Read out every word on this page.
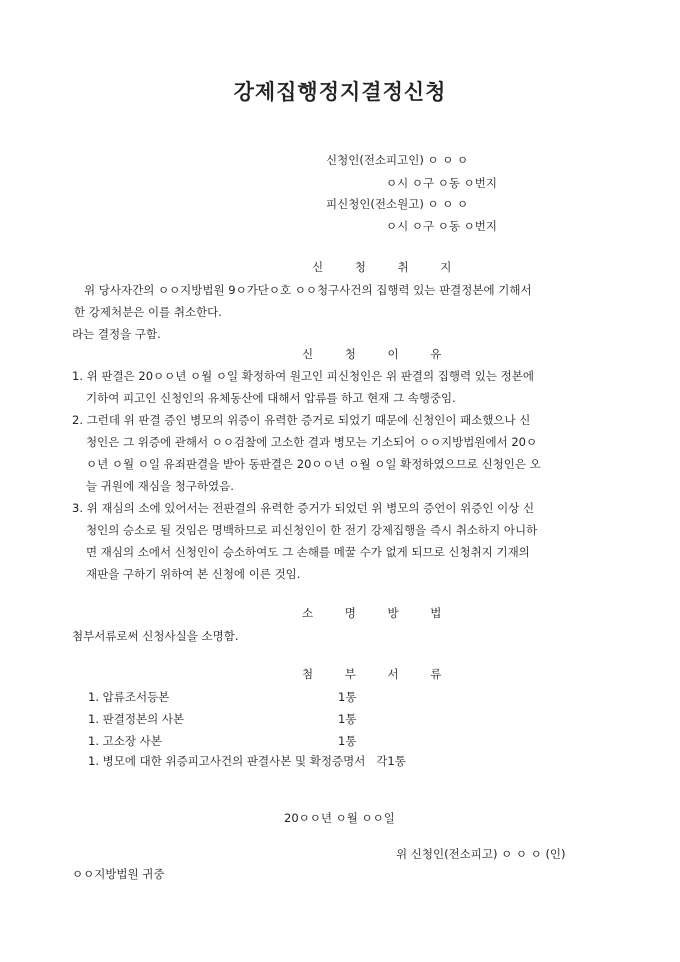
강제집행정지결정신청
신청인(전소피고인) ㅇ ㅇ ㅇ
ㅇ시 ㅇ구 ㅇ동 ㅇ번지
피신청인(전소원고) ㅇ ㅇ ㅇ
ㅇ시 ㅇ구 ㅇ동 ㅇ번지
신 청 취 지
위 당사자간의 ㅇㅇ지방법원 9ㅇ가단ㅇ호 ㅇㅇ청구사건의 집행력 있는 판결정본에 기해서
한 강제처분은 이를 취소한다.
라는 결정을 구함.
신 청 이 유
1. 위 판결은 20ㅇㅇ년 ㅇ월 ㅇ일 확정하여 원고인 피신청인은 위 판결의 집행력 있는 정본에
기하여 피고인 신청인의 유체동산에 대해서 압류를 하고 현재 그 속행중임.
2. 그런데 위 판결 증인 병모의 위증이 유력한 증거로 되었기 때문에 신청인이 패소했으나 신
청인은 그 위증에 관해서 ㅇㅇ검찰에 고소한 결과 병모는 기소되어 ㅇㅇ지방법원에서 20ㅇ
ㅇ년 ㅇ월 ㅇ일 유죄판결을 받아 동판결은 20ㅇㅇ년 ㅇ월 ㅇ일 확정하였으므로 신청인은 오
늘 귀원에 재심을 청구하였음.
3. 위 재심의 소에 있어서는 전판결의 유력한 증거가 되었던 위 병모의 증언이 위증인 이상 신
청인의 승소로 될 것임은 명백하므로 피신청인이 한 전기 강제집행을 즉시 취소하지 아니하
면 재심의 소에서 신청인이 승소하여도 그 손해를 메꿀 수가 없게 되므로 신청취지 기재의
재판을 구하기 위하여 본 신청에 이른 것임.
소 명 방 법
첨부서류로써 신청사실을 소명함.
첨 부 서 류
1. 압류조서등본	1통
1. 판결정본의 사본	1통
1. 고소장 사본	1통
1. 병모에 대한 위증피고사건의 판결사본 및 확정증명서   각1통
20ㅇㅇ년 ㅇ월 ㅇㅇ일
위 신청인(전소피고) ㅇ ㅇ ㅇ (인)
ㅇㅇ지방법원 귀중
